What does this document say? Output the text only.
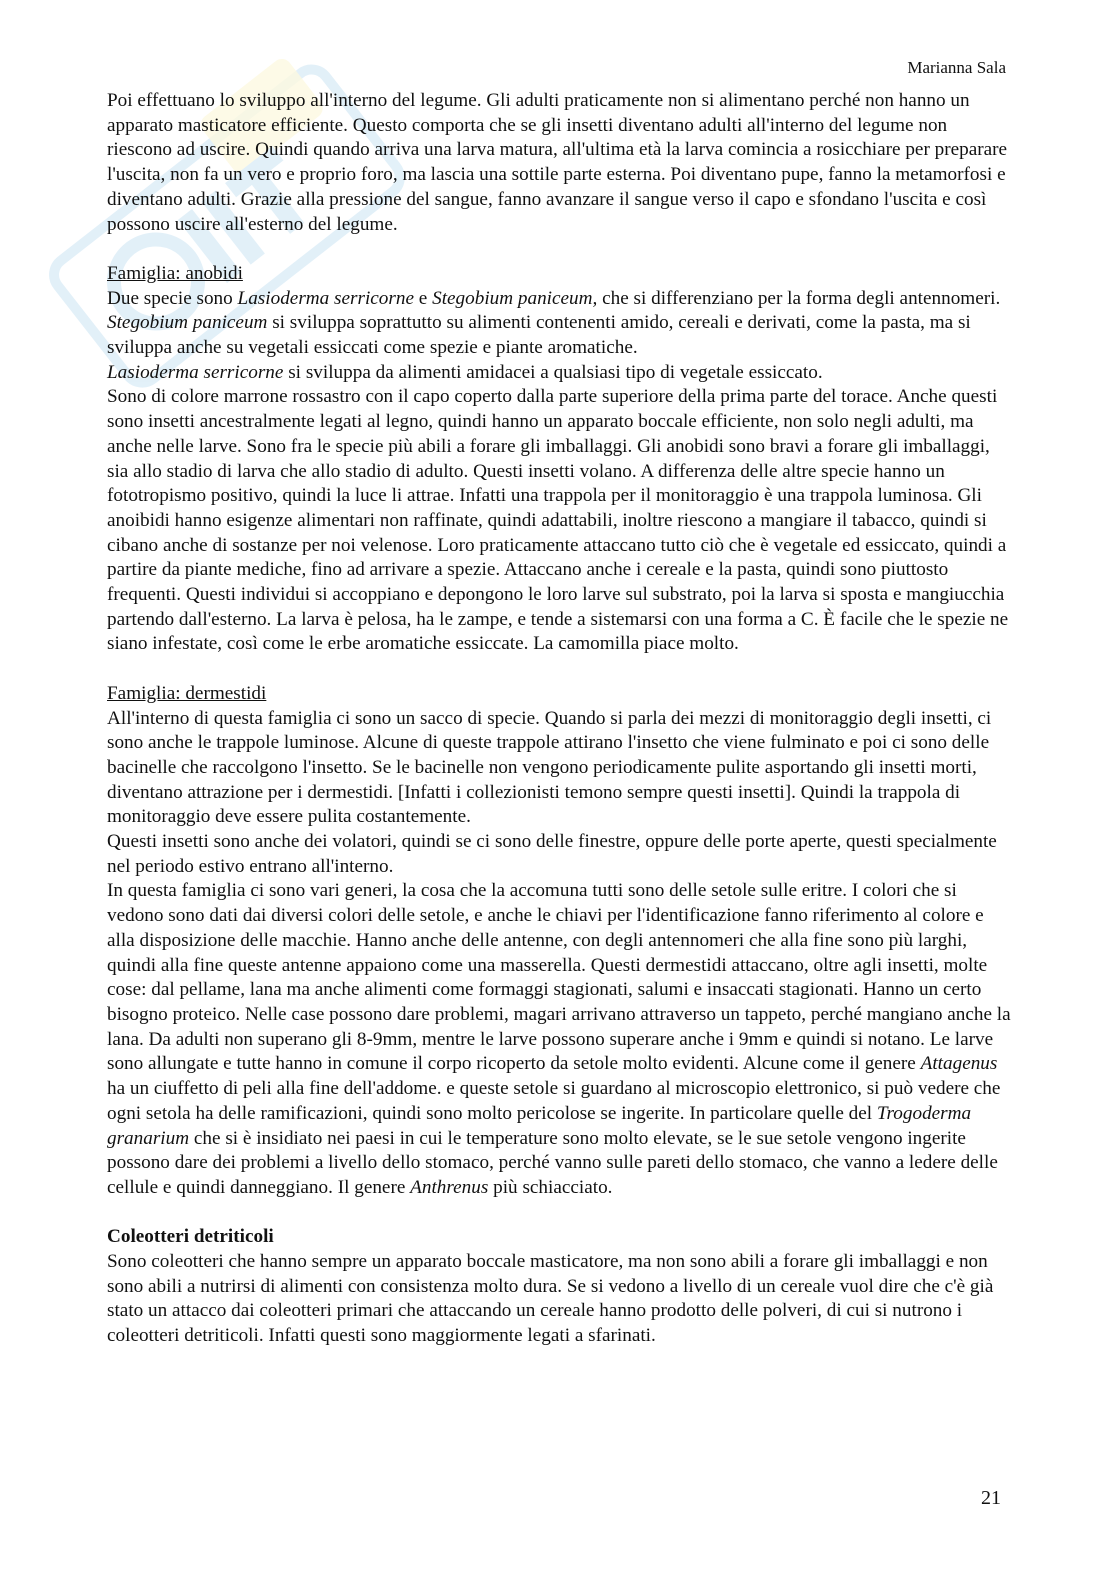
Marianna Sala

Poi effettuano lo sviluppo all'interno del legume. Gli adulti praticamente non si alimentano perché non hanno un apparato masticatore efficiente. Questo comporta che se gli insetti diventano adulti all'interno del legume non riescono ad uscire. Quindi quando arriva una larva matura, all'ultima età la larva comincia a rosicchiare per preparare l'uscita, non fa un vero e proprio foro, ma lascia una sottile parte esterna. Poi diventano pupe, fanno la metamorfosi e diventano adulti. Grazie alla pressione del sangue, fanno avanzare il sangue verso il capo e sfondano l'uscita e così possono uscire all'esterno del legume.

Famiglia: anobidi

Due specie sono Lasioderma serricorne e Stegobium paniceum, che si differenziano per la forma degli antennomeri. Stegobium paniceum si sviluppa soprattutto su alimenti contenenti amido, cereali e derivati, come la pasta, ma si sviluppa anche su vegetali essiccati come spezie e piante aromatiche.

Lasioderma serricorne si sviluppa da alimenti amidacei a qualsiasi tipo di vegetale essiccato.

Sono di colore marrone rossastro con il capo coperto dalla parte superiore della prima parte del torace. Anche questi sono insetti ancestralmente legati al legno, quindi hanno un apparato boccale efficiente, non solo negli adulti, ma anche nelle larve. Sono fra le specie più abili a forare gli imballaggi. Gli anobidi sono bravi a forare gli imballaggi, sia allo stadio di larva che allo stadio di adulto. Questi insetti volano. A differenza delle altre specie hanno un fototropismo positivo, quindi la luce li attrae. Infatti una trappola per il monitoraggio è una trappola luminosa. Gli anoibidi hanno esigenze alimentari non raffinate, quindi adattabili, inoltre riescono a mangiare il tabacco, quindi si cibano anche di sostanze per noi velenose. Loro praticamente attaccano tutto ciò che è vegetale ed essiccato, quindi a partire da piante mediche, fino ad arrivare a spezie. Attaccano anche i cereale e la pasta, quindi sono piuttosto frequenti. Questi individui si accoppiano e depongono le loro larve sul substrato, poi la larva si sposta e mangiucchia partendo dall'esterno. La larva è pelosa, ha le zampe, e tende a sistemarsi con una forma a C. È facile che le spezie ne siano infestate, così come le erbe aromatiche essiccate. La camomilla piace molto.

Famiglia: dermestidi

All'interno di questa famiglia ci sono un sacco di specie. Quando si parla dei mezzi di monitoraggio degli insetti, ci sono anche le trappole luminose. Alcune di queste trappole attirano l'insetto che viene fulminato e poi ci sono delle bacinelle che raccolgono l'insetto. Se le bacinelle non vengono periodicamente pulite asportando gli insetti morti, diventano attrazione per i dermestidi. [Infatti i collezionisti temono sempre questi insetti]. Quindi la trappola di monitoraggio deve essere pulita costantemente.

Questi insetti sono anche dei volatori, quindi se ci sono delle finestre, oppure delle porte aperte, questi specialmente nel periodo estivo entrano all'interno.

In questa famiglia ci sono vari generi, la cosa che la accomuna tutti sono delle setole sulle eritre. I colori che si vedono sono dati dai diversi colori delle setole, e anche le chiavi per l'identificazione fanno riferimento al colore e alla disposizione delle macchie. Hanno anche delle antenne, con degli antennomeri che alla fine sono più larghi, quindi alla fine queste antenne appaiono come una masserella. Questi dermestidi attaccano, oltre agli insetti, molte cose: dal pellame, lana ma anche alimenti come formaggi stagionati, salumi e insaccati stagionati. Hanno un certo bisogno proteico. Nelle case possono dare problemi, magari arrivano attraverso un tappeto, perché mangiano anche la lana. Da adulti non superano gli 8-9mm, mentre le larve possono superare anche i 9mm e quindi si notano. Le larve sono allungate e tutte hanno in comune il corpo ricoperto da setole molto evidenti. Alcune come il genere Attagenus ha un ciuffetto di peli alla fine dell'addome. e queste setole si guardano al microscopio elettronico, si può vedere che ogni setola ha delle ramificazioni, quindi sono molto pericolose se ingerite. In particolare quelle del Trogoderma granarium che si è insidiato nei paesi in cui le temperature sono molto elevate, se le sue setole vengono ingerite possono dare dei problemi a livello dello stomaco, perché vanno sulle pareti dello stomaco, che vanno a ledere delle cellule e quindi danneggiano. Il genere Anthrenus più schiacciato.

Coleotteri detriticoli

Sono coleotteri che hanno sempre un apparato boccale masticatore, ma non sono abili a forare gli imballaggi e non sono abili a nutrirsi di alimenti con consistenza molto dura. Se si vedono a livello di un cereale vuol dire che c'è già stato un attacco dai coleotteri primari che attaccando un cereale hanno prodotto delle polveri, di cui si nutrono i coleotteri detriticoli. Infatti questi sono maggiormente legati a sfarinati.

21
